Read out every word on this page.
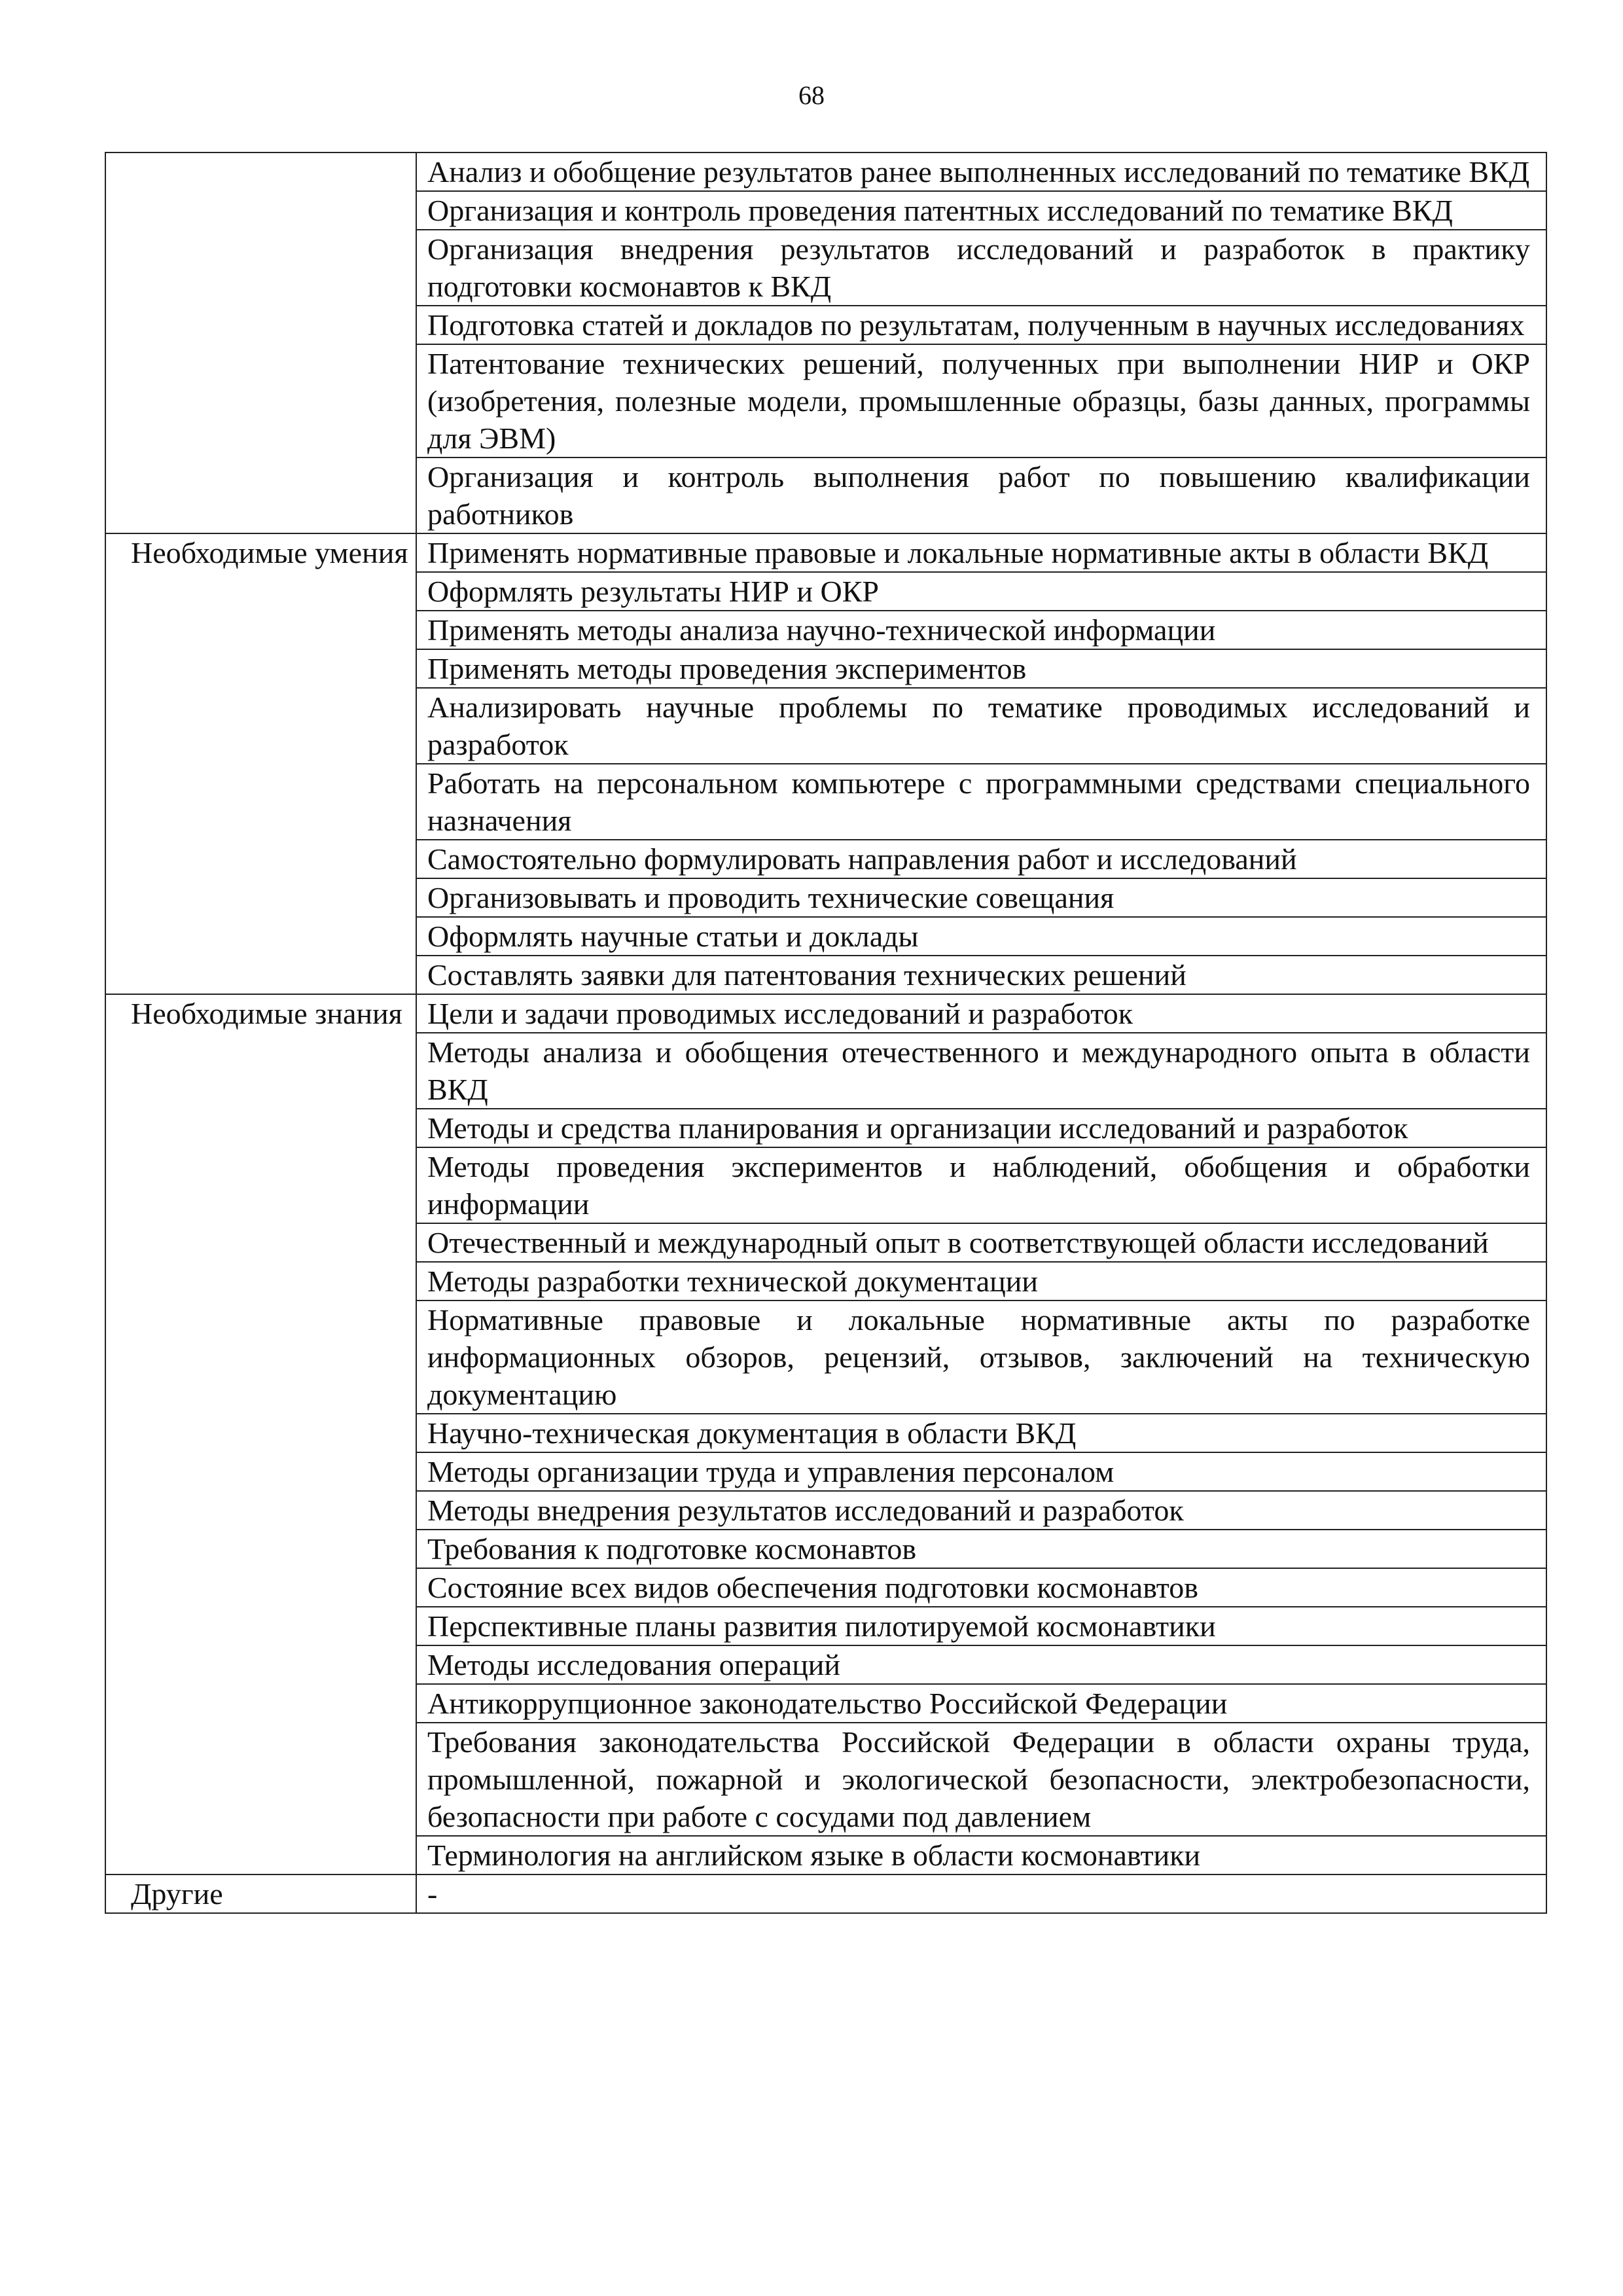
68
	Анализ и обобщение результатов ранее выполненных исследований по тематике ВКД
	Организация и контроль проведения патентных исследований по тематике ВКД
	Организация внедрения результатов исследований и разработок в практику подготовки космонавтов к ВКД
	Подготовка статей и докладов по результатам, полученным в научных исследованиях
	Патентование технических решений, полученных при выполнении НИР и ОКР (изобретения, полезные модели, промышленные образцы, базы данных, программы для ЭВМ)
	Организация и контроль выполнения работ по повышению квалификации работников
Необходимые умения	Применять нормативные правовые и локальные нормативные акты в области ВКД
	Оформлять результаты НИР и ОКР
	Применять методы анализа научно-технической информации
	Применять методы проведения экспериментов
	Анализировать научные проблемы по тематике проводимых исследований и разработок
	Работать на персональном компьютере с программными средствами специального назначения
	Самостоятельно формулировать направления работ и исследований
	Организовывать и проводить технические совещания
	Оформлять научные статьи и доклады
	Составлять заявки для патентования технических решений
Необходимые знания	Цели и задачи проводимых исследований и разработок
	Методы анализа и обобщения отечественного и международного опыта в области ВКД
	Методы и средства планирования и организации исследований и разработок
	Методы проведения экспериментов и наблюдений, обобщения и обработки информации
	Отечественный и международный опыт в соответствующей области исследований
	Методы разработки технической документации
	Нормативные правовые и локальные нормативные акты по разработке информационных обзоров, рецензий, отзывов, заключений на техническую документацию
	Научно-техническая документация в области ВКД
	Методы организации труда и управления персоналом
	Методы внедрения результатов исследований и разработок
	Требования к подготовке космонавтов
	Состояние всех видов обеспечения подготовки космонавтов
	Перспективные планы развития пилотируемой космонавтики
	Методы исследования операций
	Антикоррупционное законодательство Российской Федерации
	Требования законодательства Российской Федерации в области охраны труда, промышленной, пожарной и экологической безопасности, электробезопасности, безопасности при работе с сосудами под давлением
	Терминология на английском языке в области космонавтики
Другие	-
